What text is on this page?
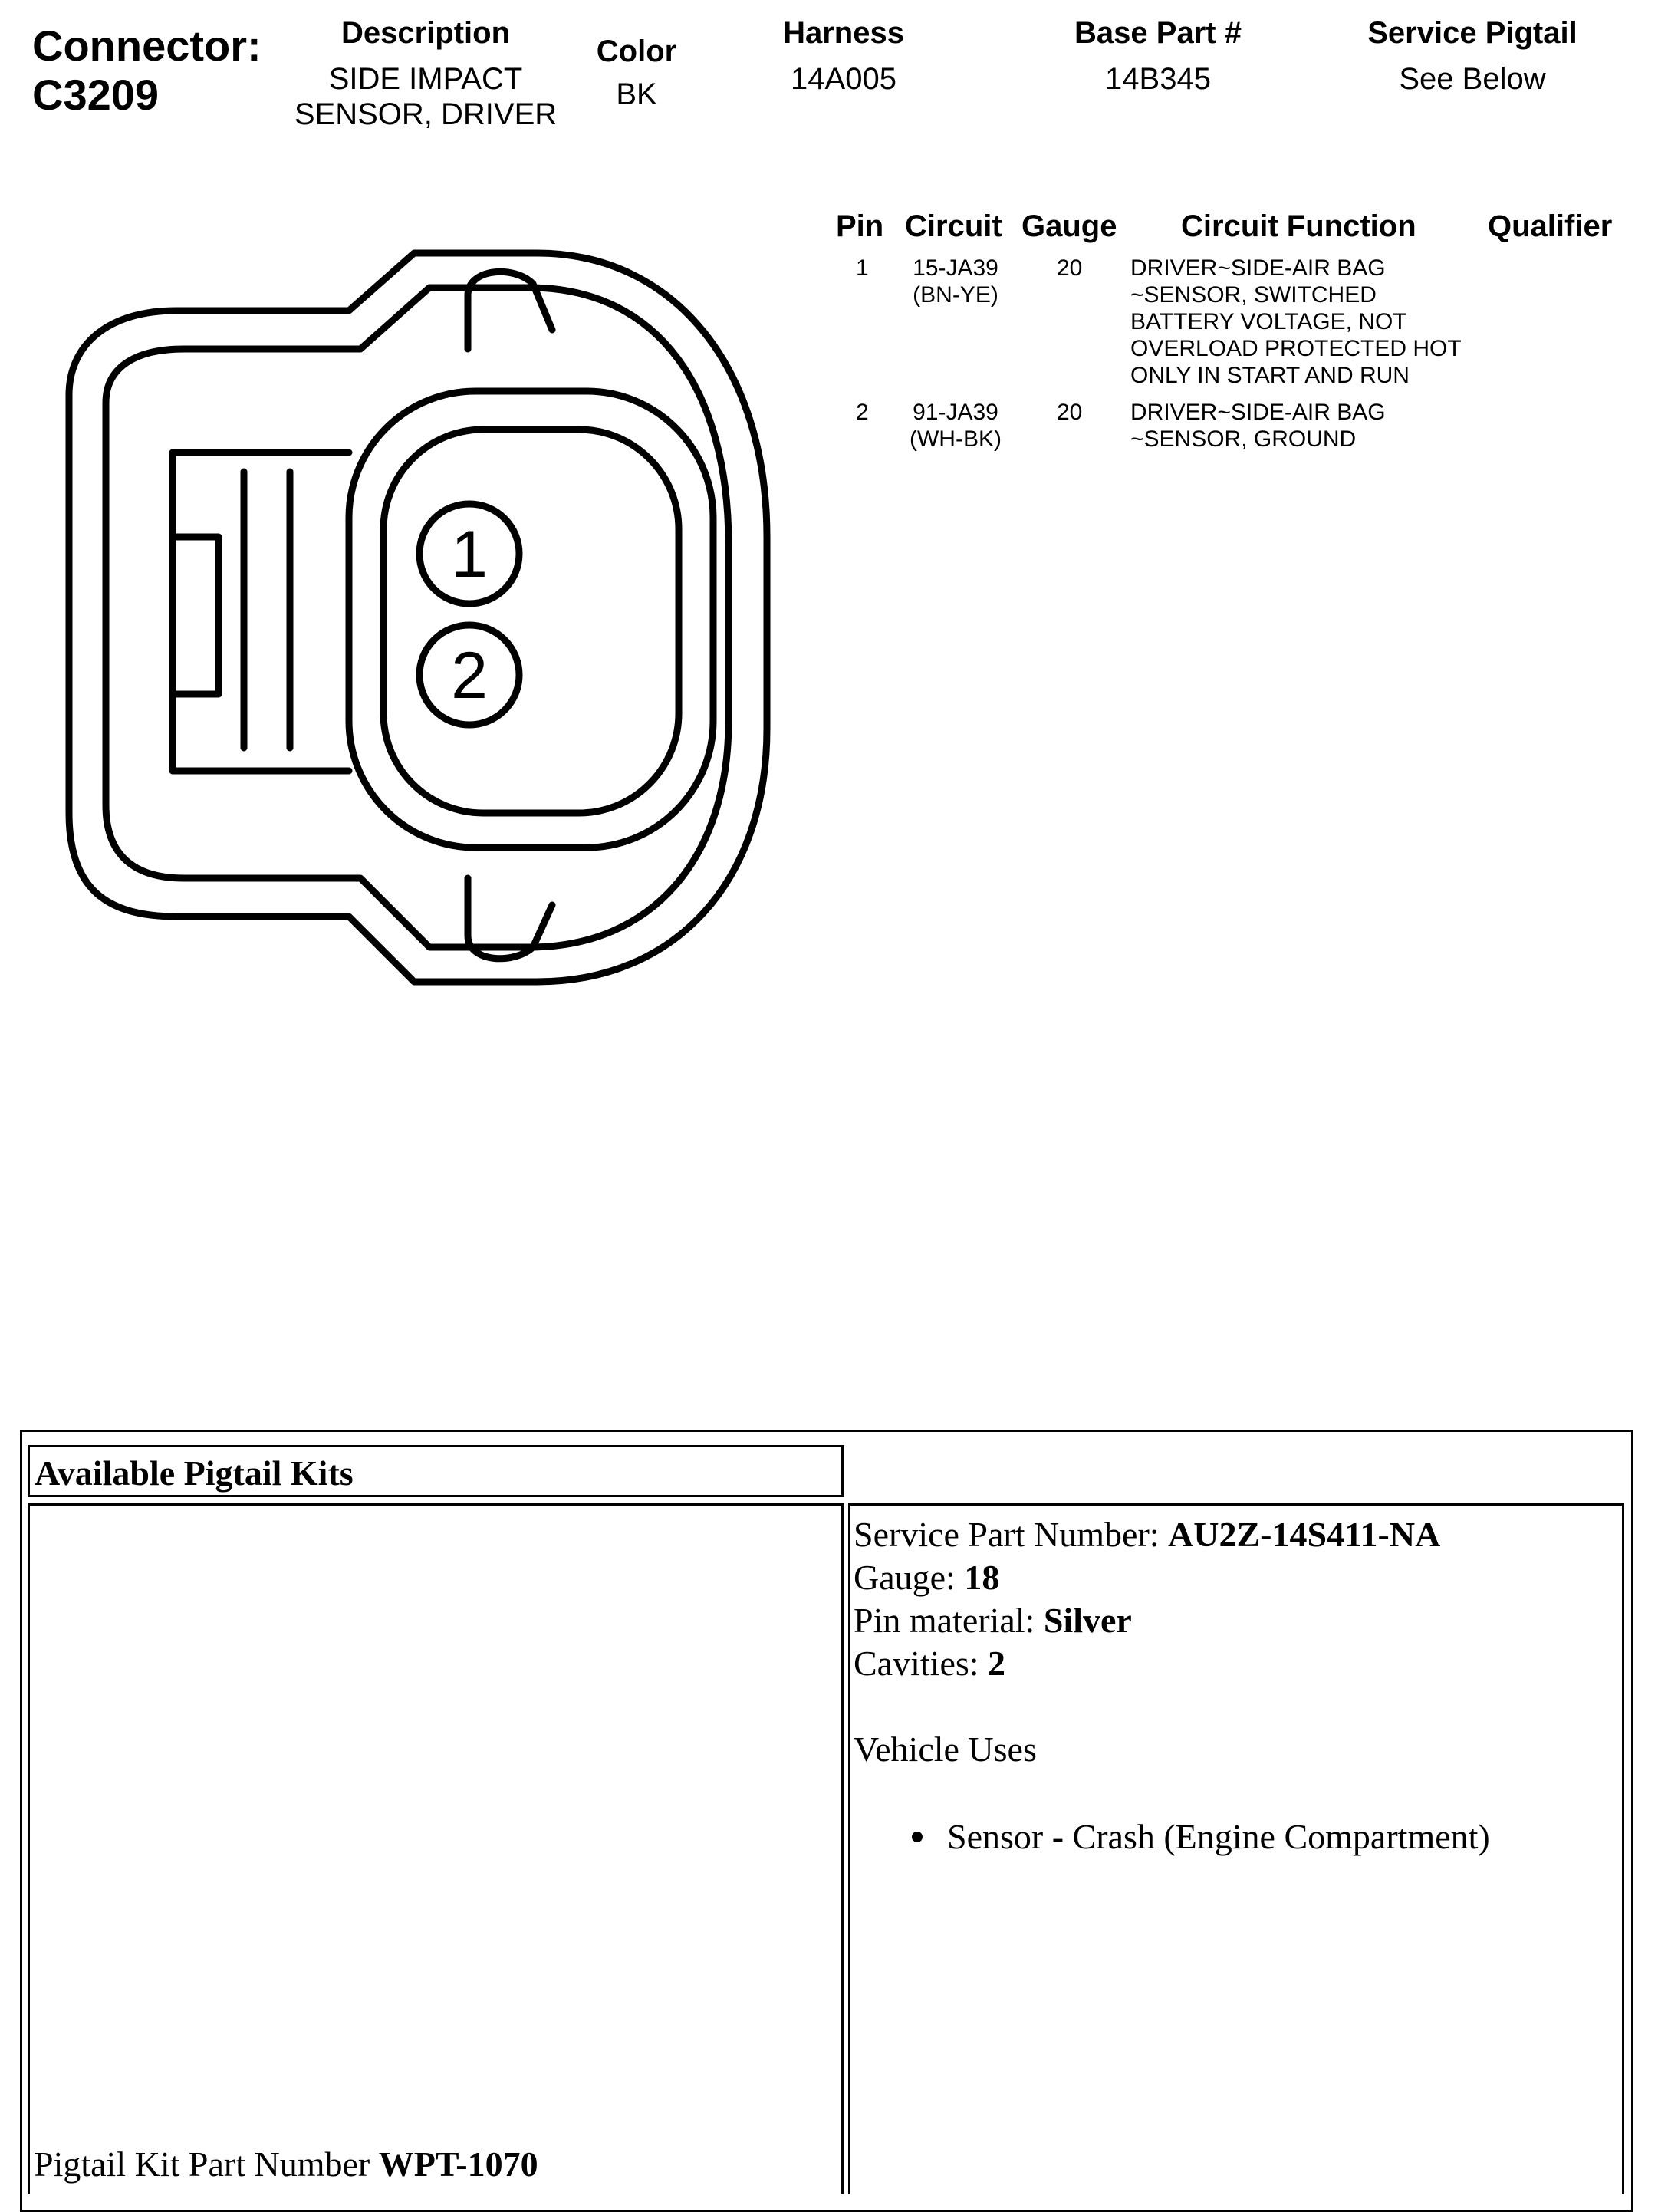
Connector:
C3209
Description
SIDE IMPACT
SENSOR, DRIVER
Color
BK
Harness
14A005
Base Part #
14B345
Service Pigtail
See Below
Pin Circuit Gauge Circuit Function Qualifier
1	15-JA39
(BN-YE)
20 DRIVER~SIDE-AIR BAG
~SENSOR, SWITCHED
BATTERY VOLTAGE, NOT
OVERLOAD PROTECTED HOT
ONLY IN START AND RUN
2	91-JA39
(WH-BK)
20 DRIVER~SIDE-AIR BAG
~SENSOR, GROUND
1
2
Available Pigtail Kits
Pigtail Kit Part Number WPT-1070
Service Part Number: AU2Z-14S411-NA
Gauge: 18
Pin material: Silver
Cavities: 2
Vehicle Uses
Sensor - Crash (Engine Compartment)
